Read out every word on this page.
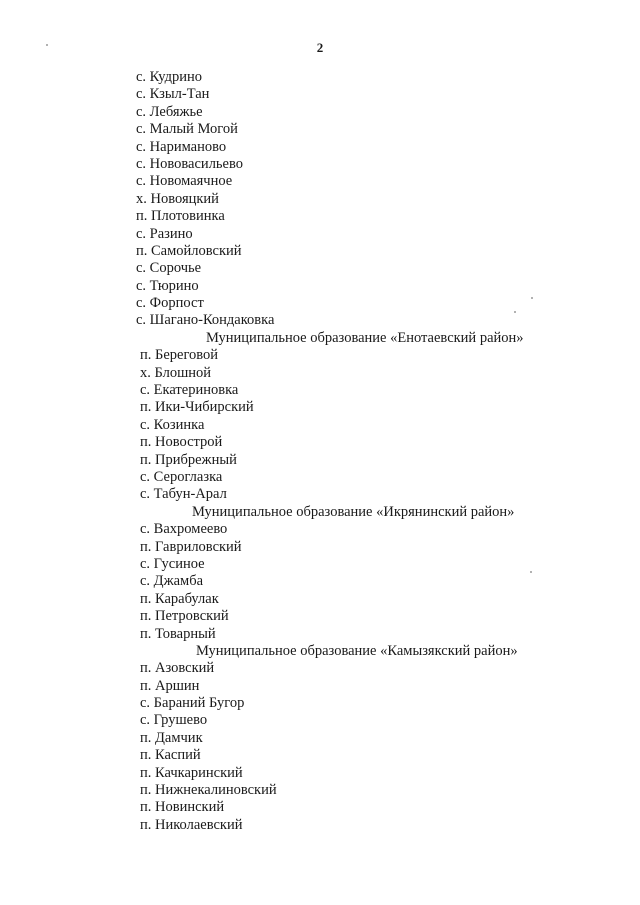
2
с. Кудрино
с. Кзыл-Тан
с. Лебяжье
с. Малый Могой
с. Нариманово
с. Нововасильево
с. Новомаячное
х. Новояцкий
п. Плотовинка
с. Разино
п. Самойловский
с. Сорочье
с. Тюрино
с. Форпост
с. Шагано-Кондаковка
Муниципальное образование «Енотаевский район»
п. Береговой
х. Блошной
с. Екатериновка
п. Ики-Чибирский
с. Козинка
п. Новострой
п. Прибрежный
с. Сероглазка
с. Табун-Арал
Муниципальное образование «Икрянинский район»
с. Вахромеево
п. Гавриловский
с. Гусиное
с. Джамба
п. Карабулак
п. Петровский
п. Товарный
Муниципальное образование «Камызякский район»
п. Азовский
п. Аршин
с. Бараний Бугор
с. Грушево
п. Дамчик
п. Каспий
п. Качкаринский
п. Нижнекалиновский
п. Новинский
п. Николаевский
